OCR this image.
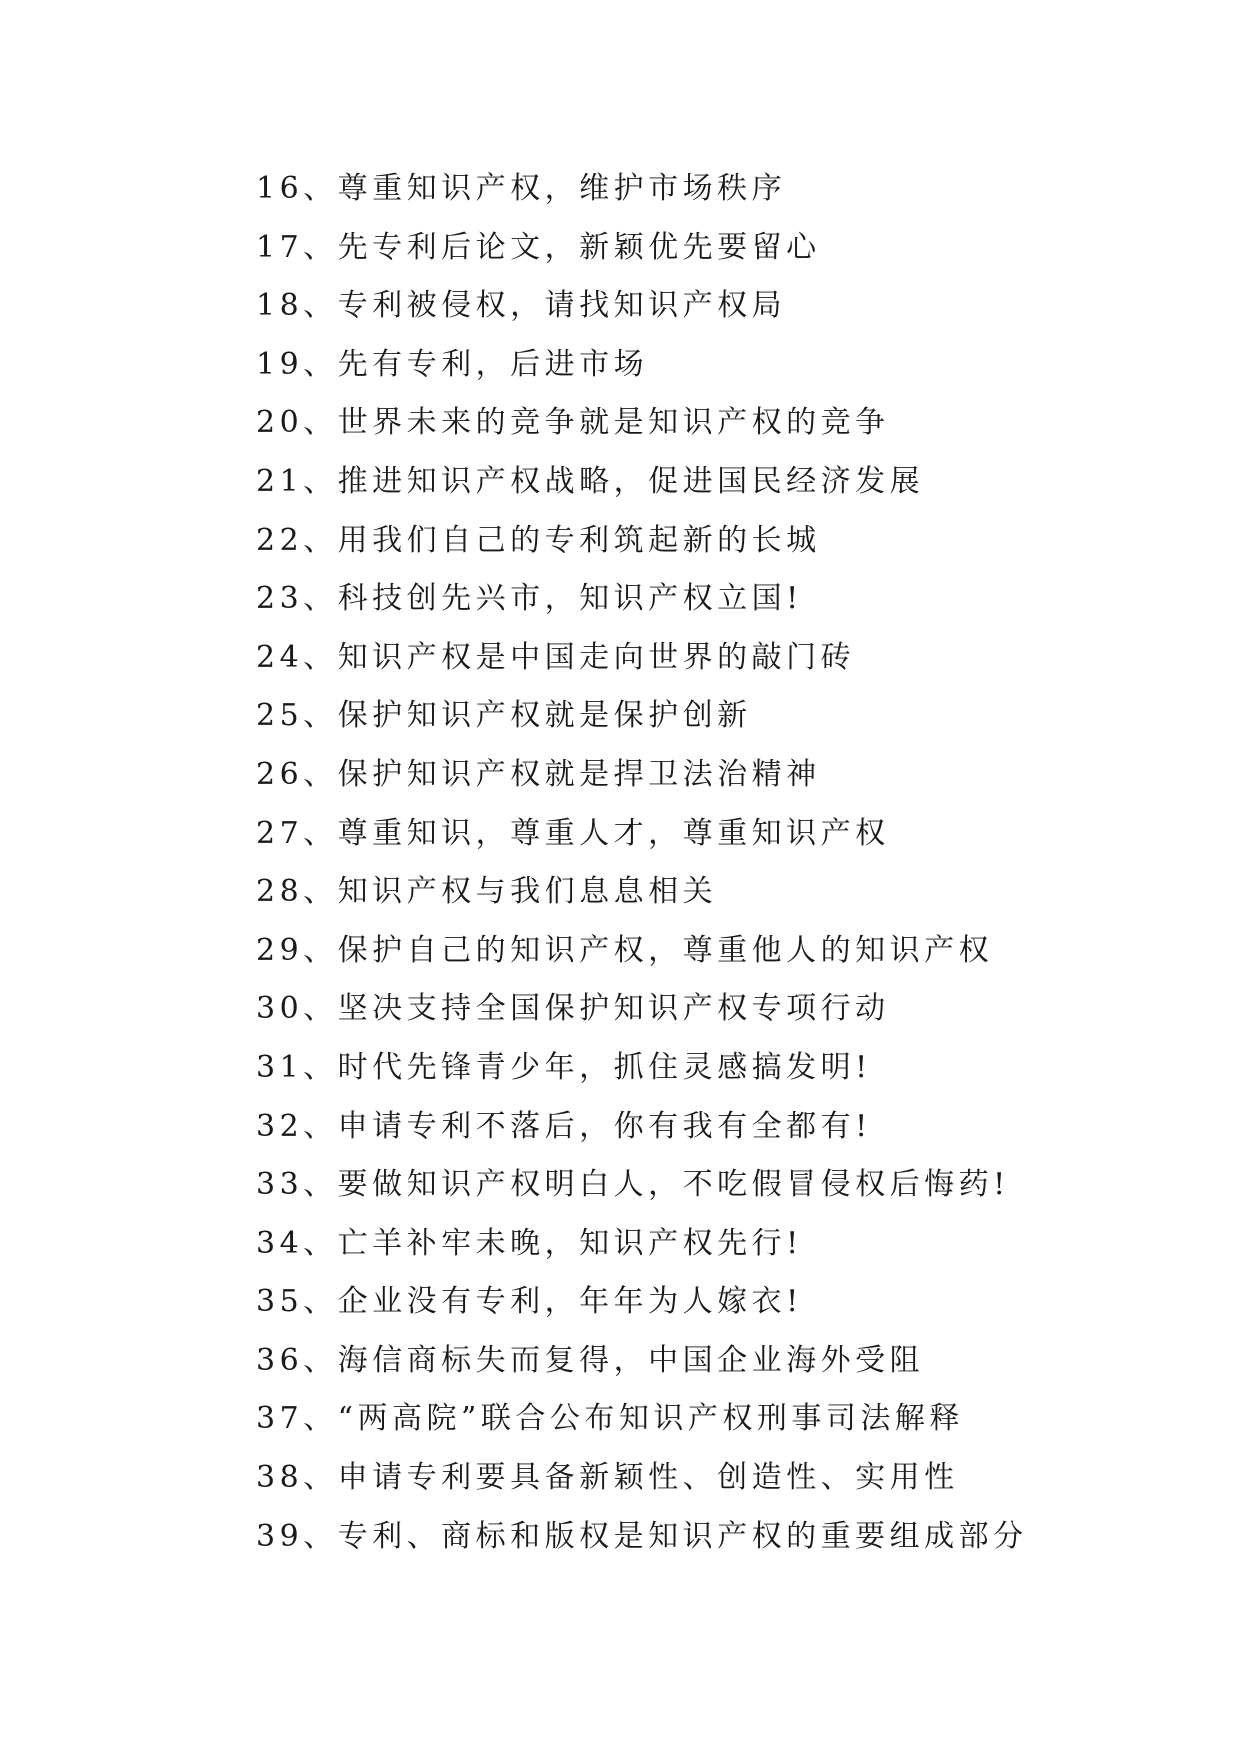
16、尊重知识产权，维护市场秩序
17、先专利后论文，新颖优先要留心
18、专利被侵权，请找知识产权局
19、先有专利，后进市场
20、世界未来的竞争就是知识产权的竞争
21、推进知识产权战略，促进国民经济发展
22、用我们自己的专利筑起新的长城
23、科技创先兴市，知识产权立国!
24、知识产权是中国走向世界的敲门砖
25、保护知识产权就是保护创新
26、保护知识产权就是捍卫法治精神
27、尊重知识，尊重人才，尊重知识产权
28、知识产权与我们息息相关
29、保护自己的知识产权，尊重他人的知识产权
30、坚决支持全国保护知识产权专项行动
31、时代先锋青少年，抓住灵感搞发明!
32、申请专利不落后，你有我有全都有!
33、要做知识产权明白人，不吃假冒侵权后悔药!
34、亡羊补牢未晚，知识产权先行!
35、企业没有专利，年年为人嫁衣!
36、海信商标失而复得，中国企业海外受阻
37、“两高院”联合公布知识产权刑事司法解释
38、申请专利要具备新颖性、创造性、实用性
39、专利、商标和版权是知识产权的重要组成部分
